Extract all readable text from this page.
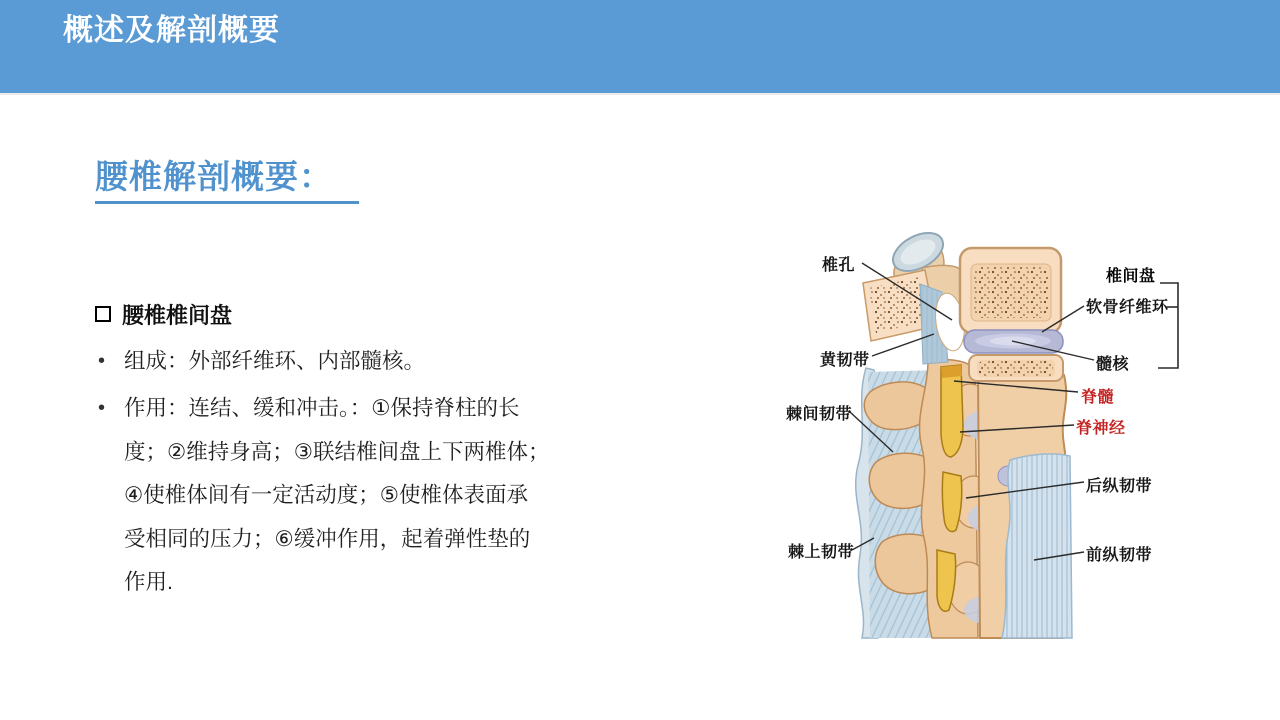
概述及解剖概要
腰椎解剖概要：
腰椎椎间盘
• 组成：外部纤维环、内部髓核。
• 作用：连结、缓和冲击。：①保持脊柱的长
度；②维持身高；③联结椎间盘上下两椎体；
④使椎体间有一定活动度；⑤使椎体表面承
受相同的压力；⑥缓冲作用，起着弹性垫的
作用.
椎孔
黄韧带
棘间韧带
棘上韧带
椎间盘
软骨纤维环
髓核
脊髓
脊神经
后纵韧带
前纵韧带
